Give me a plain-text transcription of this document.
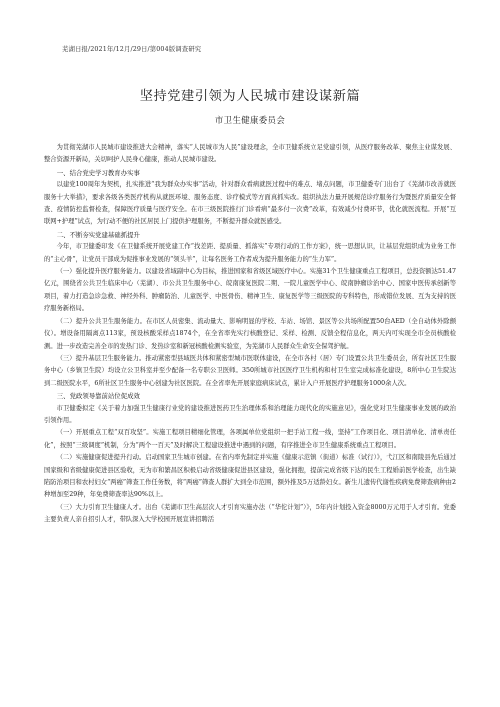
芜湖日报/2021年/12月/29日/第004版调查研究
坚持党建引领为人民城市建设谋新篇
市卫生健康委员会

为贯彻芜湖市人民城市建设推进大会精神，落实“人民城市为人民”建设理念，全市卫健系统立足党建引领，从医疗服务改革、聚焦主业谋发展、整合资源开新局，关切呵护人民身心健康，推动人民城市建设。

一、结合党史学习教育办实事

以建党100周年为契机，扎实推进“我为群众办实事”活动，针对群众看病就医过程中的难点、堵点问题，市卫健委专门出台了《芜湖市改善就医服务十大举措》，要求各级各类医疗机构从就医环境、服务态度、诊疗模式等方面真抓实改。组织执法力量开展规范诊疗服务行为暨医疗质量安全督查、疫情防控监督检查，保障医疗质量与医疗安全。在市三级医院推行门诊看病“最多付一次费”改革，有效减少付费环节，优化就医流程。开展“互联网+护理”试点，为行动不便的社区居民上门提供护理服务，不断提升群众就医感受。

二、不断夯实党建基础抓提升

今年，市卫健委印发《在卫健系统开展党建工作“找差距、提质量、抓落实”专项行动的工作方案》，统一思想认识，让基层党组织成为业务工作的“主心骨”，让党员干部成为促推事业发展的“领头羊”，让每名医务工作者成为提升服务能力的“生力军”。

（一）强化提升医疗服务能力。以建设省域副中心为目标，推进国家和省级区域医疗中心。实施31个卫生健康重点工程项目，总投资额达51.47亿元，围绕省公共卫生临床中心（芜湖）、市公共卫生服务中心、皖南康复医院二期、一院儿童医学中心、皖南肿瘤诊治中心、国家中医传承创新等项目，着力打造急诊急救、神经外科、肿瘤防治、儿童医学、中医骨伤、精神卫生、康复医学等三级医院的专科特色，形成错位发展、互为支持的医疗服务新格局。

（二）提升公共卫生服务能力。在市区人员密集、流动量大、影响明显的学校、车站、场馆、景区等公共场所配置50台AED（全自动体外除颤仪）。增设备用隔离点113家，预设核酸采样点1874个，在全省率先实行核酸登记、采样、检测、反馈全程信息化，两天内可实现全市全员核酸检测。进一步改造完善全市的发热门诊、发热诊室和新冠核酸检测实验室，为芜湖市人民群众生命安全保驾护航。

（三）提升基层卫生服务能力。推动紧密型县域医共体和紧密型城市医联体建设，在全市各村（居）专门设置公共卫生委员会，所有社区卫生服务中心（乡镇卫生院）均设立公卫科室并至少配备一名专职公卫医师。350所城市社区医疗卫生机构和村卫生室完成标准化建设，8所中心卫生院达到二级医院水平，6所社区卫生服务中心创建为社区医院。在全省率先开展家庭病床试点，累计入户开展医疗护理服务1000余人次。

三、党政领导靠前站位促成效

市卫健委拟定《关于着力加强卫生健康行业党的建设推进医药卫生治理体系和治理能力现代化的实施意见》，强化党对卫生健康事业发展的政治引领作用。

（一）开展重点工程“双百攻坚”。实施工程项目精细化管理，各项属单位党组织一把手站工程一线，坚持“工作项目化、项目清单化、清单责任化”，按照“三级调度”机制，分为“两个一百天”及时解决工程建设推进中遇到的问题，有序推进全市卫生健康系统重点工程项目。

（二）实施健康促进提升行动。启动国家卫生城市创建。在省内率先制定并实施《健康示范镇（街道）标准（试行）》，弋江区和南陵县先后通过国家级和省级健康促进县区验收，无为市和繁昌区积极启动省级健康促进县区建设，强化拥抱，提前完成省级下达的民生工程婚前医学检查，出生缺陷防治项目和农村妇女“两癌”筛查工作任务数，将“两癌”筛查人群扩大到全市范围，额外推及5万适龄妇女。新生儿遗传代谢性疾病免费筛查病种由2种增加至29种，年免费筛查率达90%以上。

（三）大力引育卫生健康人才。出台《芜湖市卫生高层次人才引育实施办法（“华佗计划”）》，5年内计划投入资金8000万元用于人才引育。党委主要负责人亲自招引人才，带队深入大学校园开展宣讲招聘活
